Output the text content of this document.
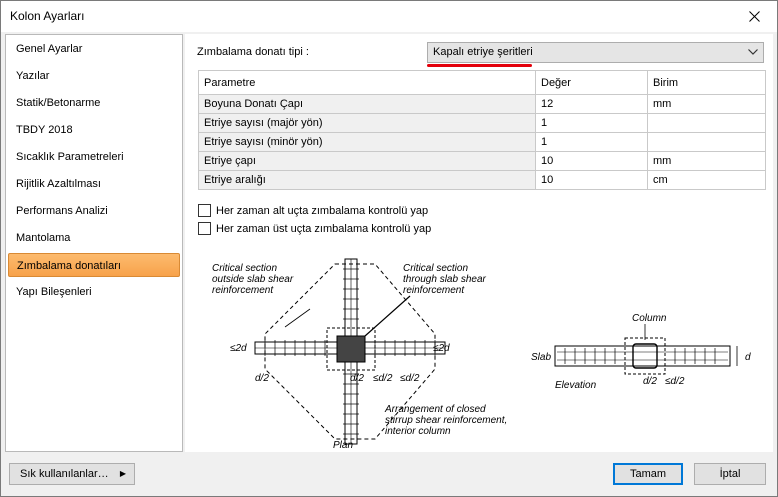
Kolon Ayarları
Genel Ayarlar
Yazılar
Statik/Betonarme
TBDY 2018
Sıcaklık Parametreleri
Rijitlik Azaltılması
Performans Analizi
Mantolama
Zımbalama donatıları
Yapı Bileşenleri
Zımbalama donatı tipi :	Kapalı etriye şeritleri
Parametre	Değer	Birim
Boyuna Donatı Çapı	12	mm
Etriye sayısı (majör yön)	1	
Etriye sayısı (minör yön)	1	
Etriye çapı	10	mm
Etriye aralığı	10	cm
Her zaman alt uçta zımbalama kontrolü yap
Her zaman üst uçta zımbalama kontrolü yap
Critical section
outside slab shear
reinforcement
Critical section
through slab shear
reinforcement
≤2d	≤2d
d/2	d/2 ≤d/2 ≤d/2
Arrangement of closed
stirrup shear reinforcement,
interior column
Plan
Column
Slab	d
d/2 ≤d/2
Elevation
Sık kullanılanlar… ▶	Tamam	İptal
